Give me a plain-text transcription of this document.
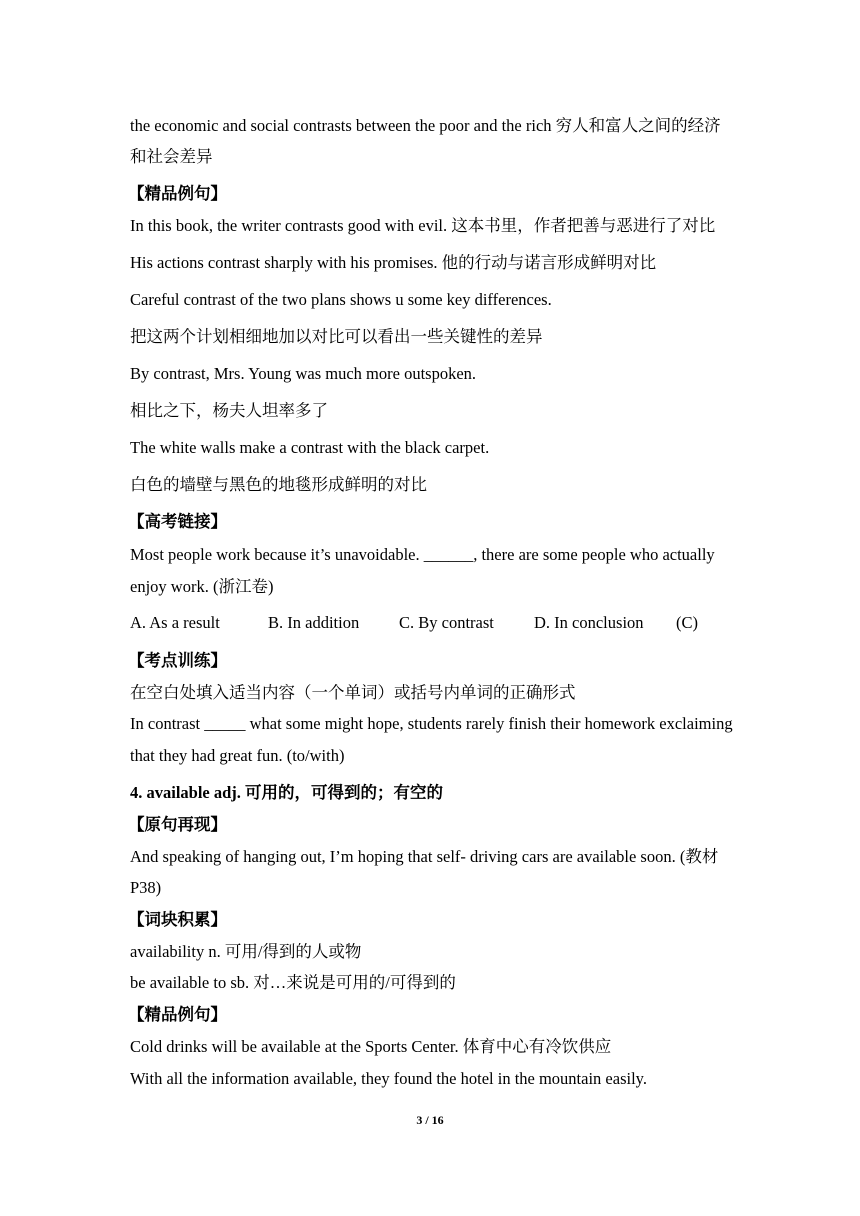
the economic and social contrasts between the poor and the rich 穷人和富人之间的经济
和社会差异
【精品例句】
In this book, the writer contrasts good with evil. 这本书里，作者把善与恶进行了对比
His actions contrast sharply with his promises. 他的行动与诺言形成鲜明对比
Careful contrast of the two plans shows u some key differences.
把这两个计划相细地加以对比可以看出一些关键性的差异
By contrast, Mrs. Young was much more outspoken.
相比之下，杨夫人坦率多了
The white walls make a contrast with the black carpet.
白色的墙壁与黑色的地毯形成鲜明的对比
【高考链接】
Most people work because it’s unavoidable. ______, there are some people who actually
enjoy work. (浙江卷)
A. As a result	B. In addition	C. By contrast	D. In conclusion	(C)
【考点训练】
在空白处填入适当内容（一个单词）或括号内单词的正确形式
In contrast _____ what some might hope, students rarely finish their homework exclaiming
that they had great fun. (to/with)
4. available adj. 可用的，可得到的；有空的
【原句再现】
And speaking of hanging out, I’m hoping that self- driving cars are available soon. (教材
P38)
【词块积累】
availability n. 可用/得到的人或物
be available to sb. 对…来说是可用的/可得到的
【精品例句】
Cold drinks will be available at the Sports Center. 体育中心有冷饮供应
With all the information available, they found the hotel in the mountain easily.
3 / 16
